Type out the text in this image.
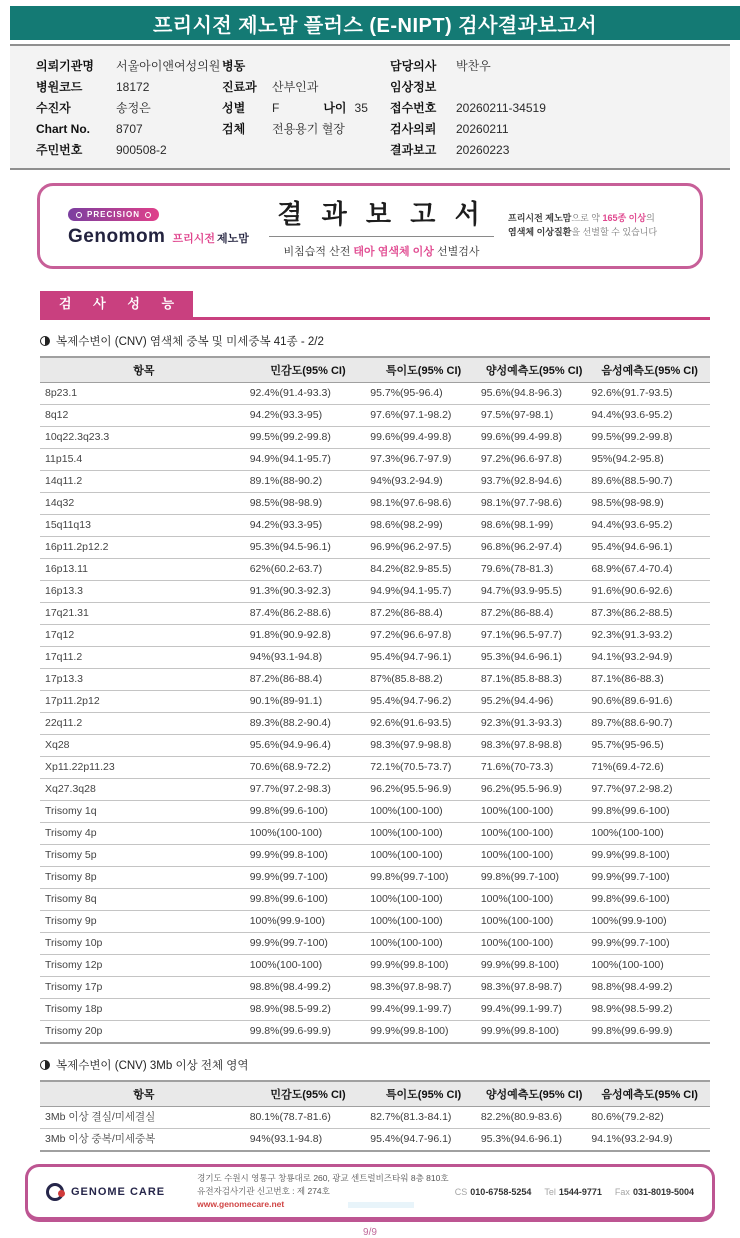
프리시전 제노맘 플러스 (E-NIPT) 검사결과보고서
의뢰기관명	서울아이앤여성의원
병원코드	18172
수진자	송정은
Chart No.	8707
주민번호	900508-2
병동
진료과	산부인과
성별	F	나이 35
검체	전용용기 혈장
담당의사	박찬우
임상정보
접수번호	20260211-34519
검사의뢰	20260211
결과보고	20260223
PRECISION
Genomom 프리시전 제노맘
결 과 보 고 서
비침습적 산전 태아 염색체 이상 선별검사
프리시전 제노맘으로 약 165종 이상의
염색체 이상질환을 선별할 수 있습니다
검 사 성 능
복제수변이 (CNV) 염색체 중복 및 미세중복 41종 - 2/2
항목	민감도(95% CI)	특이도(95% CI)	양성예측도(95% CI)	음성예측도(95% CI)
8p23.1	92.4%(91.4-93.3)	95.7%(95-96.4)	95.6%(94.8-96.3)	92.6%(91.7-93.5)
8q12	94.2%(93.3-95)	97.6%(97.1-98.2)	97.5%(97-98.1)	94.4%(93.6-95.2)
10q22.3q23.3	99.5%(99.2-99.8)	99.6%(99.4-99.8)	99.6%(99.4-99.8)	99.5%(99.2-99.8)
11p15.4	94.9%(94.1-95.7)	97.3%(96.7-97.9)	97.2%(96.6-97.8)	95%(94.2-95.8)
14q11.2	89.1%(88-90.2)	94%(93.2-94.9)	93.7%(92.8-94.6)	89.6%(88.5-90.7)
14q32	98.5%(98-98.9)	98.1%(97.6-98.6)	98.1%(97.7-98.6)	98.5%(98-98.9)
15q11q13	94.2%(93.3-95)	98.6%(98.2-99)	98.6%(98.1-99)	94.4%(93.6-95.2)
16p11.2p12.2	95.3%(94.5-96.1)	96.9%(96.2-97.5)	96.8%(96.2-97.4)	95.4%(94.6-96.1)
16p13.11	62%(60.2-63.7)	84.2%(82.9-85.5)	79.6%(78-81.3)	68.9%(67.4-70.4)
16p13.3	91.3%(90.3-92.3)	94.9%(94.1-95.7)	94.7%(93.9-95.5)	91.6%(90.6-92.6)
17q21.31	87.4%(86.2-88.6)	87.2%(86-88.4)	87.2%(86-88.4)	87.3%(86.2-88.5)
17q12	91.8%(90.9-92.8)	97.2%(96.6-97.8)	97.1%(96.5-97.7)	92.3%(91.3-93.2)
17q11.2	94%(93.1-94.8)	95.4%(94.7-96.1)	95.3%(94.6-96.1)	94.1%(93.2-94.9)
17p13.3	87.2%(86-88.4)	87%(85.8-88.2)	87.1%(85.8-88.3)	87.1%(86-88.3)
17p11.2p12	90.1%(89-91.1)	95.4%(94.7-96.2)	95.2%(94.4-96)	90.6%(89.6-91.6)
22q11.2	89.3%(88.2-90.4)	92.6%(91.6-93.5)	92.3%(91.3-93.3)	89.7%(88.6-90.7)
Xq28	95.6%(94.9-96.4)	98.3%(97.9-98.8)	98.3%(97.8-98.8)	95.7%(95-96.5)
Xp11.22p11.23	70.6%(68.9-72.2)	72.1%(70.5-73.7)	71.6%(70-73.3)	71%(69.4-72.6)
Xq27.3q28	97.7%(97.2-98.3)	96.2%(95.5-96.9)	96.2%(95.5-96.9)	97.7%(97.2-98.2)
Trisomy 1q	99.8%(99.6-100)	100%(100-100)	100%(100-100)	99.8%(99.6-100)
Trisomy 4p	100%(100-100)	100%(100-100)	100%(100-100)	100%(100-100)
Trisomy 5p	99.9%(99.8-100)	100%(100-100)	100%(100-100)	99.9%(99.8-100)
Trisomy 8p	99.9%(99.7-100)	99.8%(99.7-100)	99.8%(99.7-100)	99.9%(99.7-100)
Trisomy 8q	99.8%(99.6-100)	100%(100-100)	100%(100-100)	99.8%(99.6-100)
Trisomy 9p	100%(99.9-100)	100%(100-100)	100%(100-100)	100%(99.9-100)
Trisomy 10p	99.9%(99.7-100)	100%(100-100)	100%(100-100)	99.9%(99.7-100)
Trisomy 12p	100%(100-100)	99.9%(99.8-100)	99.9%(99.8-100)	100%(100-100)
Trisomy 17p	98.8%(98.4-99.2)	98.3%(97.8-98.7)	98.3%(97.8-98.7)	98.8%(98.4-99.2)
Trisomy 18p	98.9%(98.5-99.2)	99.4%(99.1-99.7)	99.4%(99.1-99.7)	98.9%(98.5-99.2)
Trisomy 20p	99.8%(99.6-99.9)	99.9%(99.8-100)	99.9%(99.8-100)	99.8%(99.6-99.9)
복제수변이 (CNV) 3Mb 이상 전체 영역
항목	민감도(95% CI)	특이도(95% CI)	양성예측도(95% CI)	음성예측도(95% CI)
3Mb 이상 결실/미세결실	80.1%(78.7-81.6)	82.7%(81.3-84.1)	82.2%(80.9-83.6)	80.6%(79.2-82)
3Mb 이상 중복/미세중복	94%(93.1-94.8)	95.4%(94.7-96.1)	95.3%(94.6-96.1)	94.1%(93.2-94.9)
GENOME CARE
경기도 수원시 영통구 창룡대로 260, 광교 센트럴비즈타워 8층 810호
유전자검사기관 신고번호 : 제 274호
www.genomecare.net
CS 010-6758-5254 Tel 1544-9771 Fax 031-8019-5004
9/9
